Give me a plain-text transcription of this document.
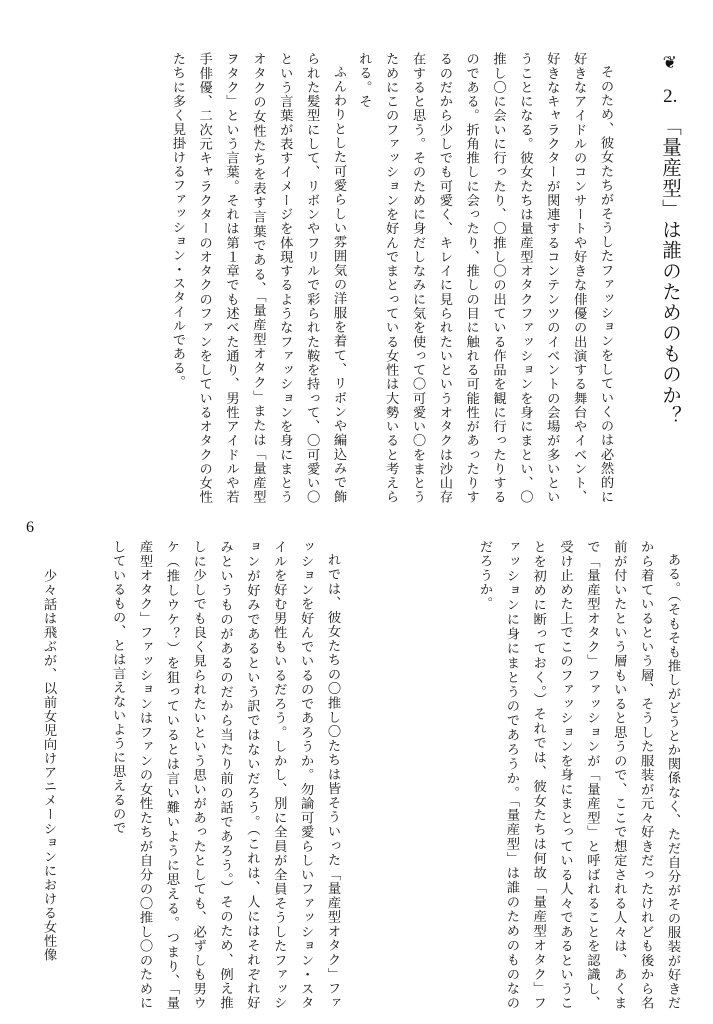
❦
2.
「量産型」は誰のためのものか？
ふんわりとした可愛らしい雰囲気の洋服を着て、リボンや編込みで飾られた髪型にして、リボンやフリルで彩られた鞍を持って、〇可愛い〇という言葉が表すイメージを体現するようなファッションを身にまとうオタクの女性たちを表す言葉である、「量産型オタク」または「量産型ヲタク」という言葉。それは第１章でも述べた通り、男性アイドルや若手俳優、二次元キャラクターのオタクのファンをしているオタクの女性たちに多く見掛けるファッション・スタイルである。	そのため、彼女たちがそうしたファッションをしていくのは必然的に好きなアイドルのコンサートや好きな俳優の出演する舞台やイベント、好きなキャラクターが関連するコンテンツのイベントの会場が多いということになる。彼女たちは量産型オタクファッションを身にまとい、〇推し〇に会いに行ったり、〇推し〇の出ている作品を観に行ったりするのである。折角推しに会ったり、推しの目に触れる可能性があったりするのだから少しでも可愛く、キレイに見られたいというオタクは沙山存在すると思う。そのために身だしなみに気を使って〇可愛い〇をまとうためにこのファッションを好んでまとっている女性は大勢いると考えられる。そ
6
れでは、彼女たちの〇推し〇たちは皆そういった「量産型オタク」ファッションを好んでいるのであろうか。勿論可愛らしいファッション・スタイルを好む男性もいるだろう。しかし、別に全員が全員そうしたファッションが好みであるという訳ではないだろう。（これは、人にはそれぞれ好みというものがあるのだから当たり前の話であろう。）そのため、例え推しに少しでも良く見られたいという思いがあったとしても、必ずしも男ウケ（推しウケ？）を狙っているとは言い難いように思える。つまり、「量産型オタク」ファッションはファンの女性たちが自分の〇推し〇のためにしているもの、とは言えないように思えるので	ある。（そもそも推しがどうとか関係なく、ただ自分がその服装が好きだから着ているという層、そうした服装が元々好きだったけれども後から名前が付いたという層もいると思うので、ここで想定される人々は、あくまで「量産型オタク」ファッションが「量産型」と呼ばれることを認識し、受け止めた上でこのファッションを身にまとっている人々であるということを初めに断っておく。）それでは、彼女たちは何故「量産型オタク」ファッションに身にまとうのであろうか。「量産型」は誰のためのものなのだろうか。
少々話は飛ぶが、以前女児向けアニメーションにおける女性像
